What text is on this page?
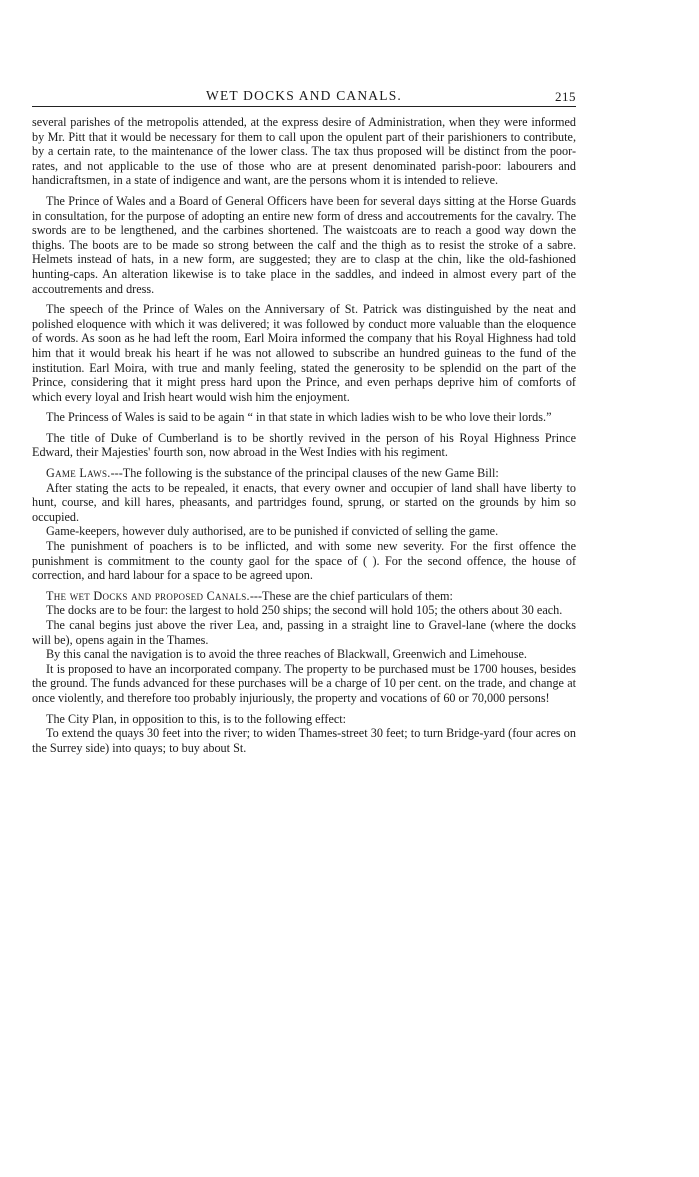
WET DOCKS AND CANALS.	215

several parishes of the metropolis attended, at the express desire of Administration, when they were informed by Mr. Pitt that it would be necessary for them to call upon the opulent part of their parishioners to contribute, by a certain rate, to the maintenance of the lower class. The tax thus proposed will be distinct from the poor-rates, and not applicable to the use of those who are at present denominated parish-poor: labourers and handicraftsmen, in a state of indigence and want, are the persons whom it is intended to relieve.

The Prince of Wales and a Board of General Officers have been for several days sitting at the Horse Guards in consultation, for the purpose of adopting an entire new form of dress and accoutrements for the cavalry. The swords are to be lengthened, and the carbines shortened. The waistcoats are to reach a good way down the thighs. The boots are to be made so strong between the calf and the thigh as to resist the stroke of a sabre. Helmets instead of hats, in a new form, are suggested; they are to clasp at the chin, like the old-fashioned hunting-caps. An alteration likewise is to take place in the saddles, and indeed in almost every part of the accoutrements and dress.

The speech of the Prince of Wales on the Anniversary of St. Patrick was distinguished by the neat and polished eloquence with which it was delivered; it was followed by conduct more valuable than the eloquence of words. As soon as he had left the room, Earl Moira informed the company that his Royal Highness had told him that it would break his heart if he was not allowed to subscribe an hundred guineas to the fund of the institution. Earl Moira, with true and manly feeling, stated the generosity to be splendid on the part of the Prince, considering that it might press hard upon the Prince, and even perhaps deprive him of comforts of which every loyal and Irish heart would wish him the enjoyment.

The Princess of Wales is said to be again “ in that state in which ladies wish to be who love their lords.”

The title of Duke of Cumberland is to be shortly revived in the person of his Royal Highness Prince Edward, their Majesties' fourth son, now abroad in the West Indies with his regiment.

Game Laws.---The following is the substance of the principal clauses of the new Game Bill:

After stating the acts to be repealed, it enacts, that every owner and occupier of land shall have liberty to hunt, course, and kill hares, pheasants, and partridges found, sprung, or started on the grounds by him so occupied.

Game-keepers, however duly authorised, are to be punished if convicted of selling the game.

The punishment of poachers is to be inflicted, and with some new severity. For the first offence the punishment is commitment to the county gaol for the space of ( ). For the second offence, the house of correction, and hard labour for a space to be agreed upon.

The wet Docks and proposed Canals.---These are the chief particulars of them:

The docks are to be four: the largest to hold 250 ships; the second will hold 105; the others about 30 each.

The canal begins just above the river Lea, and, passing in a straight line to Gravel-lane (where the docks will be), opens again in the Thames.

By this canal the navigation is to avoid the three reaches of Blackwall, Greenwich and Limehouse.

It is proposed to have an incorporated company. The property to be purchased must be 1700 houses, besides the ground. The funds advanced for these purchases will be a charge of 10 per cent. on the trade, and change at once violently, and therefore too probably injuriously, the property and vocations of 60 or 70,000 persons!

The City Plan, in opposition to this, is to the following effect:

To extend the quays 30 feet into the river; to widen Thames-street 30 feet; to turn Bridge-yard (four acres on the Surrey side) into quays; to buy about St.
